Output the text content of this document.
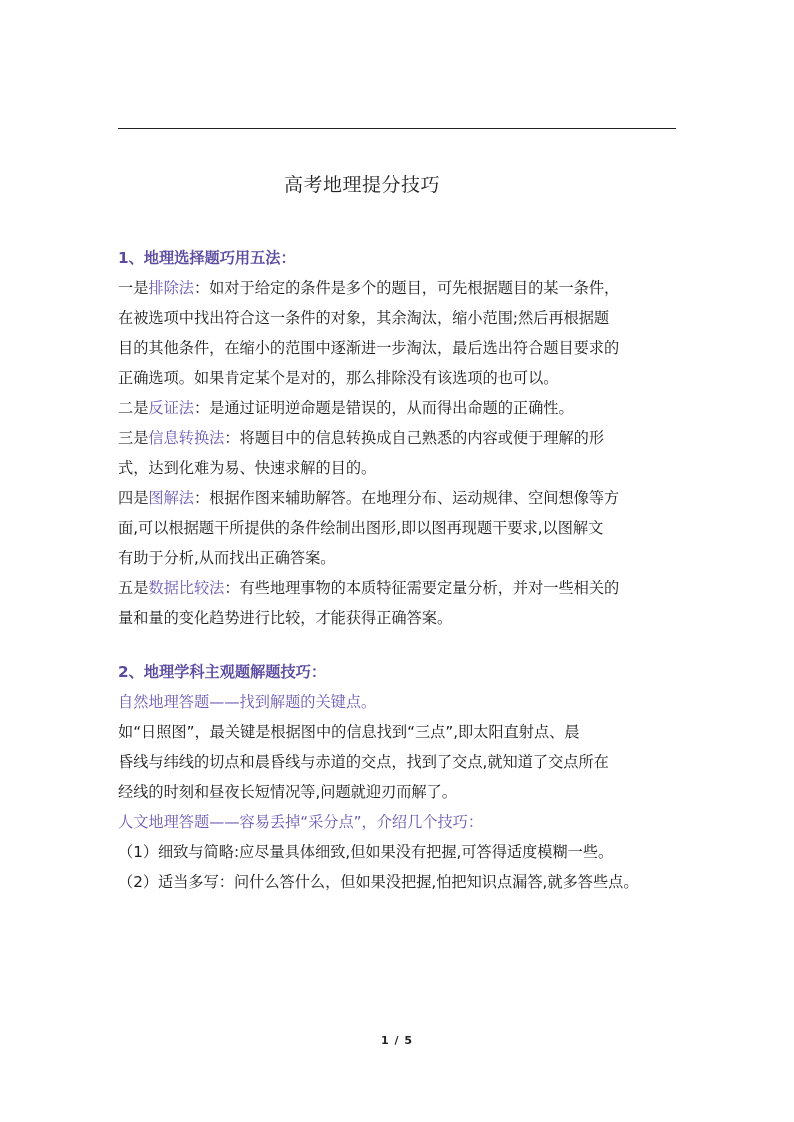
高考地理提分技巧

1、地理选择题巧用五法：

一是排除法：如对于给定的条件是多个的题目，可先根据题目的某一条件，

在被选项中找出符合这一条件的对象，其余淘汰，缩小范围;然后再根据题

目的其他条件，在缩小的范围中逐渐进一步淘汰，最后选出符合题目要求的

正确选项。如果肯定某个是对的，那么排除没有该选项的也可以。

二是反证法：是通过证明逆命题是错误的，从而得出命题的正确性。

三是信息转换法：将题目中的信息转换成自己熟悉的内容或便于理解的形

式，达到化难为易、快速求解的目的。

四是图解法：根据作图来辅助解答。在地理分布、运动规律、空间想像等方

面,可以根据题干所提供的条件绘制出图形,即以图再现题干要求,以图解文

有助于分析,从而找出正确答案。

五是数据比较法：有些地理事物的本质特征需要定量分析，并对一些相关的

量和量的变化趋势进行比较，才能获得正确答案。

2、地理学科主观题解题技巧：

自然地理答题——找到解题的关键点。

如“日照图”，最关键是根据图中的信息找到“三点”,即太阳直射点、晨

昏线与纬线的切点和晨昏线与赤道的交点，找到了交点,就知道了交点所在

经线的时刻和昼夜长短情况等,问题就迎刃而解了。

人文地理答题——容易丢掉“采分点”，介绍几个技巧：

（1）细致与简略:应尽量具体细致,但如果没有把握,可答得适度模糊一些。

（2）适当多写：问什么答什么，但如果没把握,怕把知识点漏答,就多答些点。

1 / 5
